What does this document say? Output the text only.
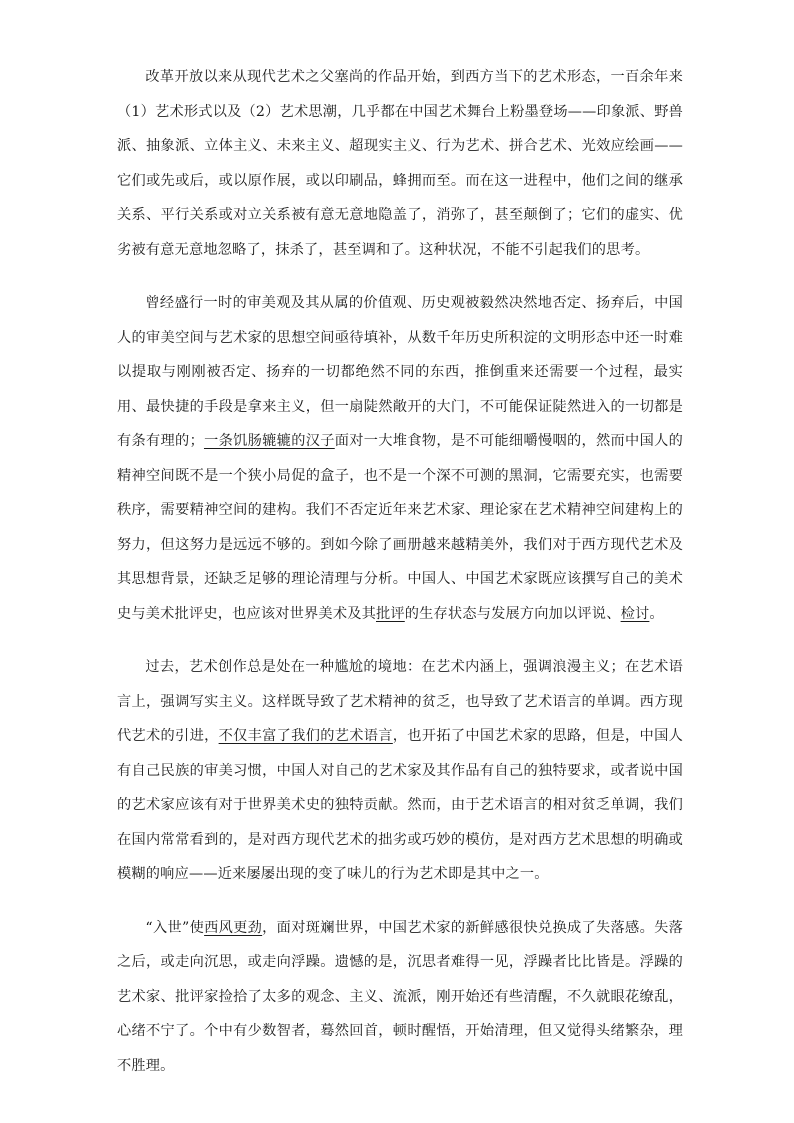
改革开放以来从现代艺术之父塞尚的作品开始，到西方当下的艺术形态，一百余年来（1）艺术形式以及（2）艺术思潮，几乎都在中国艺术舞台上粉墨登场——印象派、野兽派、抽象派、立体主义、未来主义、超现实主义、行为艺术、拼合艺术、光效应绘画——它们或先或后，或以原作展，或以印刷品，蜂拥而至。而在这一进程中，他们之间的继承关系、平行关系或对立关系被有意无意地隐盖了，消弥了，甚至颠倒了；它们的虚实、优劣被有意无意地忽略了，抹杀了，甚至调和了。这种状况，不能不引起我们的思考。

曾经盛行一时的审美观及其从属的价值观、历史观被毅然决然地否定、扬弃后，中国人的审美空间与艺术家的思想空间亟待填补，从数千年历史所积淀的文明形态中还一时难以提取与刚刚被否定、扬弃的一切都绝然不同的东西，推倒重来还需要一个过程，最实用、最快捷的手段是拿来主义，但一扇陡然敞开的大门，不可能保证陡然进入的一切都是有条有理的；一条饥肠辘辘的汉子面对一大堆食物，是不可能细嚼慢咽的，然而中国人的精神空间既不是一个狭小局促的盒子，也不是一个深不可测的黑洞，它需要充实，也需要秩序，需要精神空间的建构。我们不否定近年来艺术家、理论家在艺术精神空间建构上的努力，但这努力是远远不够的。到如今除了画册越来越精美外，我们对于西方现代艺术及其思想背景，还缺乏足够的理论清理与分析。中国人、中国艺术家既应该撰写自己的美术史与美术批评史，也应该对世界美术及其批评的生存状态与发展方向加以评说、检讨。

过去，艺术创作总是处在一种尴尬的境地：在艺术内涵上，强调浪漫主义；在艺术语言上，强调写实主义。这样既导致了艺术精神的贫乏，也导致了艺术语言的单调。西方现代艺术的引进，不仅丰富了我们的艺术语言，也开拓了中国艺术家的思路，但是，中国人有自己民族的审美习惯，中国人对自己的艺术家及其作品有自己的独特要求，或者说中国的艺术家应该有对于世界美术史的独特贡献。然而，由于艺术语言的相对贫乏单调，我们在国内常常看到的，是对西方现代艺术的拙劣或巧妙的模仿，是对西方艺术思想的明确或模糊的响应——近来屡屡出现的变了味儿的行为艺术即是其中之一。

“入世”使西风更劲，面对斑斓世界，中国艺术家的新鲜感很快兑换成了失落感。失落之后，或走向沉思，或走向浮躁。遗憾的是，沉思者难得一见，浮躁者比比皆是。浮躁的艺术家、批评家捡拾了太多的观念、主义、流派，刚开始还有些清醒，不久就眼花缭乱，心绪不宁了。个中有少数智者，蓦然回首，顿时醒悟，开始清理，但又觉得头绪繁杂，理不胜理。
